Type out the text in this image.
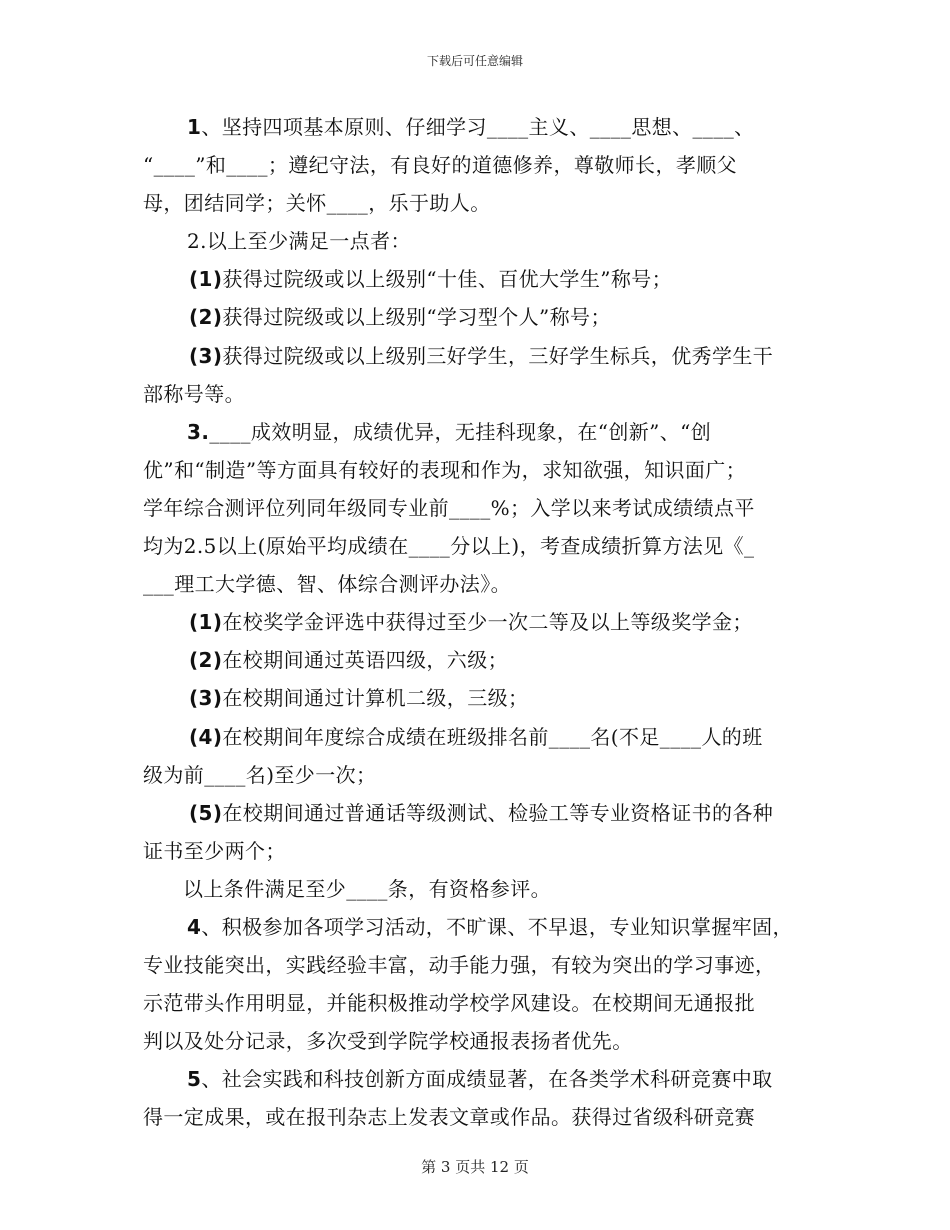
下载后可任意编辑
1、坚持四项基本原则、仔细学习____主义、____思想、____、
“____”和____；遵纪守法，有良好的道德修养，尊敬师长，孝顺父
母，团结同学；关怀____，乐于助人。
2.以上至少满足一点者：
(1)获得过院级或以上级别“十佳、百优大学生”称号；
(2)获得过院级或以上级别“学习型个人”称号；
(3)获得过院级或以上级别三好学生，三好学生标兵，优秀学生干
部称号等。
3.____成效明显，成绩优异，无挂科现象，在“创新”、“创
优”和“制造”等方面具有较好的表现和作为，求知欲强，知识面广；
学年综合测评位列同年级同专业前____%；入学以来考试成绩绩点平
均为2.5以上(原始平均成绩在____分以上)，考查成绩折算方法见《_
___理工大学德、智、体综合测评办法》。
(1)在校奖学金评选中获得过至少一次二等及以上等级奖学金；
(2)在校期间通过英语四级，六级；
(3)在校期间通过计算机二级，三级；
(4)在校期间年度综合成绩在班级排名前____名(不足____人的班
级为前____名)至少一次；
(5)在校期间通过普通话等级测试、检验工等专业资格证书的各种
证书至少两个；
以上条件满足至少____条，有资格参评。
4、积极参加各项学习活动，不旷课、不早退，专业知识掌握牢固，
专业技能突出，实践经验丰富，动手能力强，有较为突出的学习事迹，
示范带头作用明显，并能积极推动学校学风建设。在校期间无通报批
判以及处分记录，多次受到学院学校通报表扬者优先。
5、社会实践和科技创新方面成绩显著，在各类学术科研竞赛中取
得一定成果，或在报刊杂志上发表文章或作品。获得过省级科研竞赛
第 3 页共 12 页
